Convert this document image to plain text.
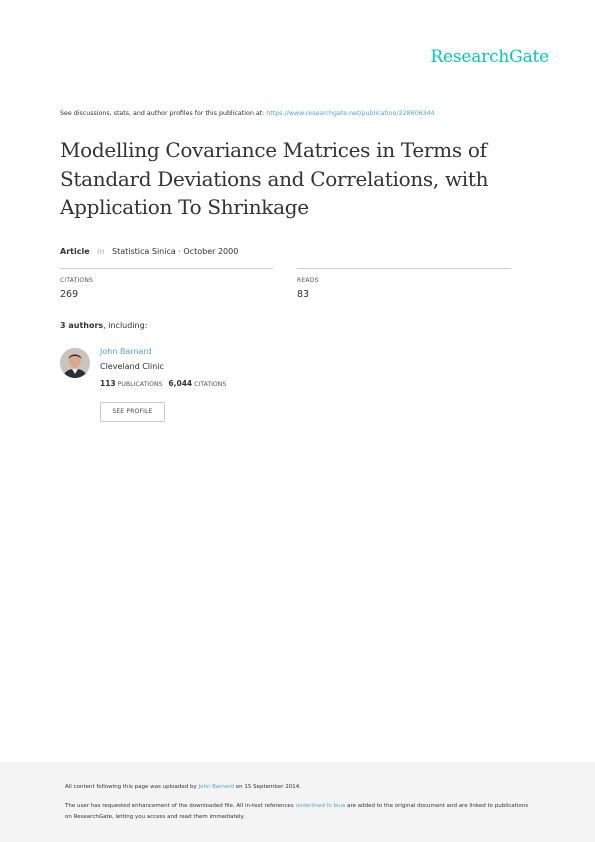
ResearchGate
See discussions, stats, and author profiles for this publication at: https://www.researchgate.net/publication/228606344
Modelling Covariance Matrices in Terms of Standard Deviations and Correlations, with Application To Shrinkage
Article in Statistica Sinica · October 2000
CITATIONS
269
READS
83
3 authors, including:
John Barnard
Cleveland Clinic
113 PUBLICATIONS 6,044 CITATIONS
SEE PROFILE

All content following this page was uploaded by John Barnard on 15 September 2014.

The user has requested enhancement of the downloaded file. All in-text references underlined in blue are added to the original document and are linked to publications on ResearchGate, letting you access and read them immediately.
